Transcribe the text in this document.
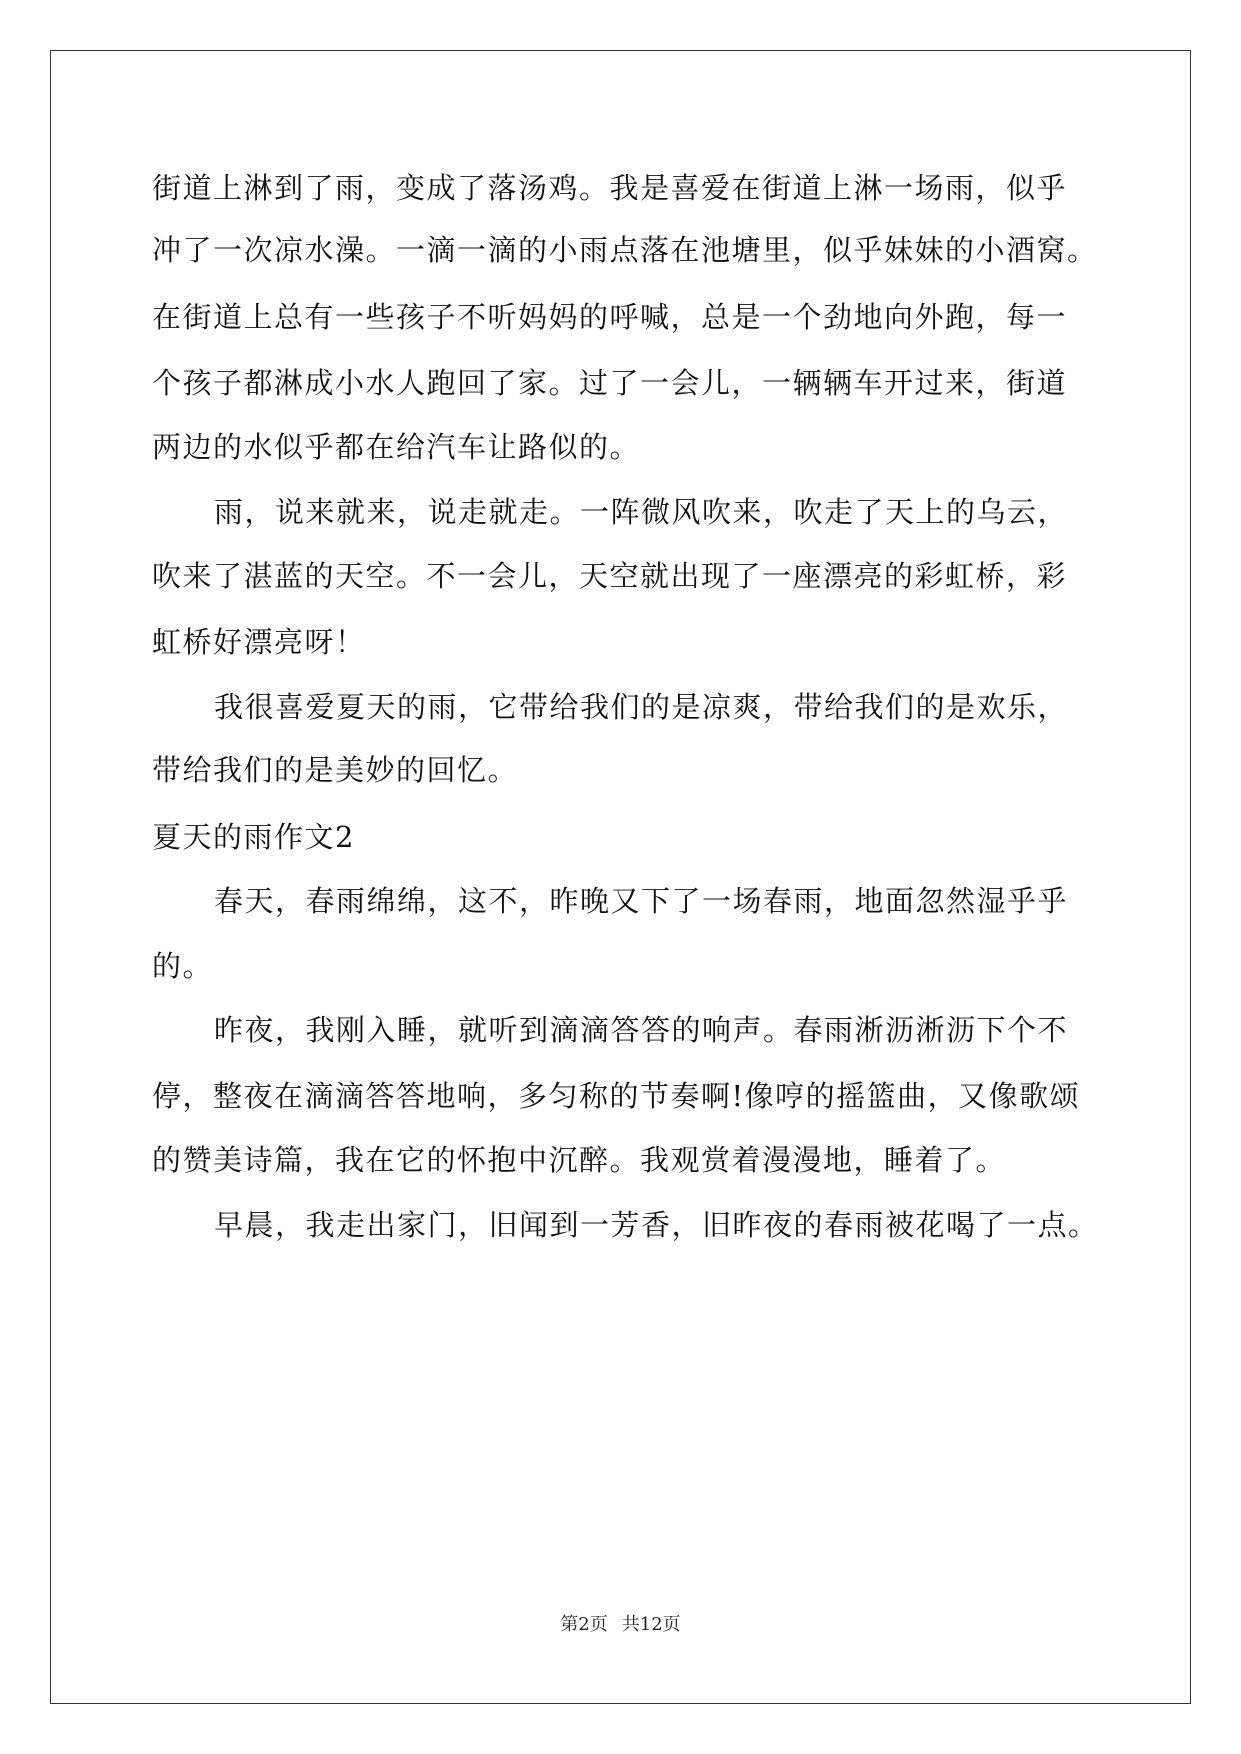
街道上淋到了雨，变成了落汤鸡。我是喜爱在街道上淋一场雨，似乎

冲了一次凉水澡。一滴一滴的小雨点落在池塘里，似乎妹妹的小酒窝。

在街道上总有一些孩子不听妈妈的呼喊，总是一个劲地向外跑，每一

个孩子都淋成小水人跑回了家。过了一会儿，一辆辆车开过来，街道

两边的水似乎都在给汽车让路似的。

雨，说来就来，说走就走。一阵微风吹来，吹走了天上的乌云，

吹来了湛蓝的天空。不一会儿，天空就出现了一座漂亮的彩虹桥，彩

虹桥好漂亮呀！

我很喜爱夏天的雨，它带给我们的是凉爽，带给我们的是欢乐，

带给我们的是美妙的回忆。

夏天的雨作文2

春天，春雨绵绵，这不，昨晚又下了一场春雨，地面忽然湿乎乎

的。

昨夜，我刚入睡，就听到滴滴答答的响声。春雨淅沥淅沥下个不

停，整夜在滴滴答答地响，多匀称的节奏啊!像哼的摇篮曲，又像歌颂

的赞美诗篇，我在它的怀抱中沉醉。我观赏着漫漫地，睡着了。

早晨，我走出家门，旧闻到一芳香，旧昨夜的春雨被花喝了一点。

第2页 共12页
